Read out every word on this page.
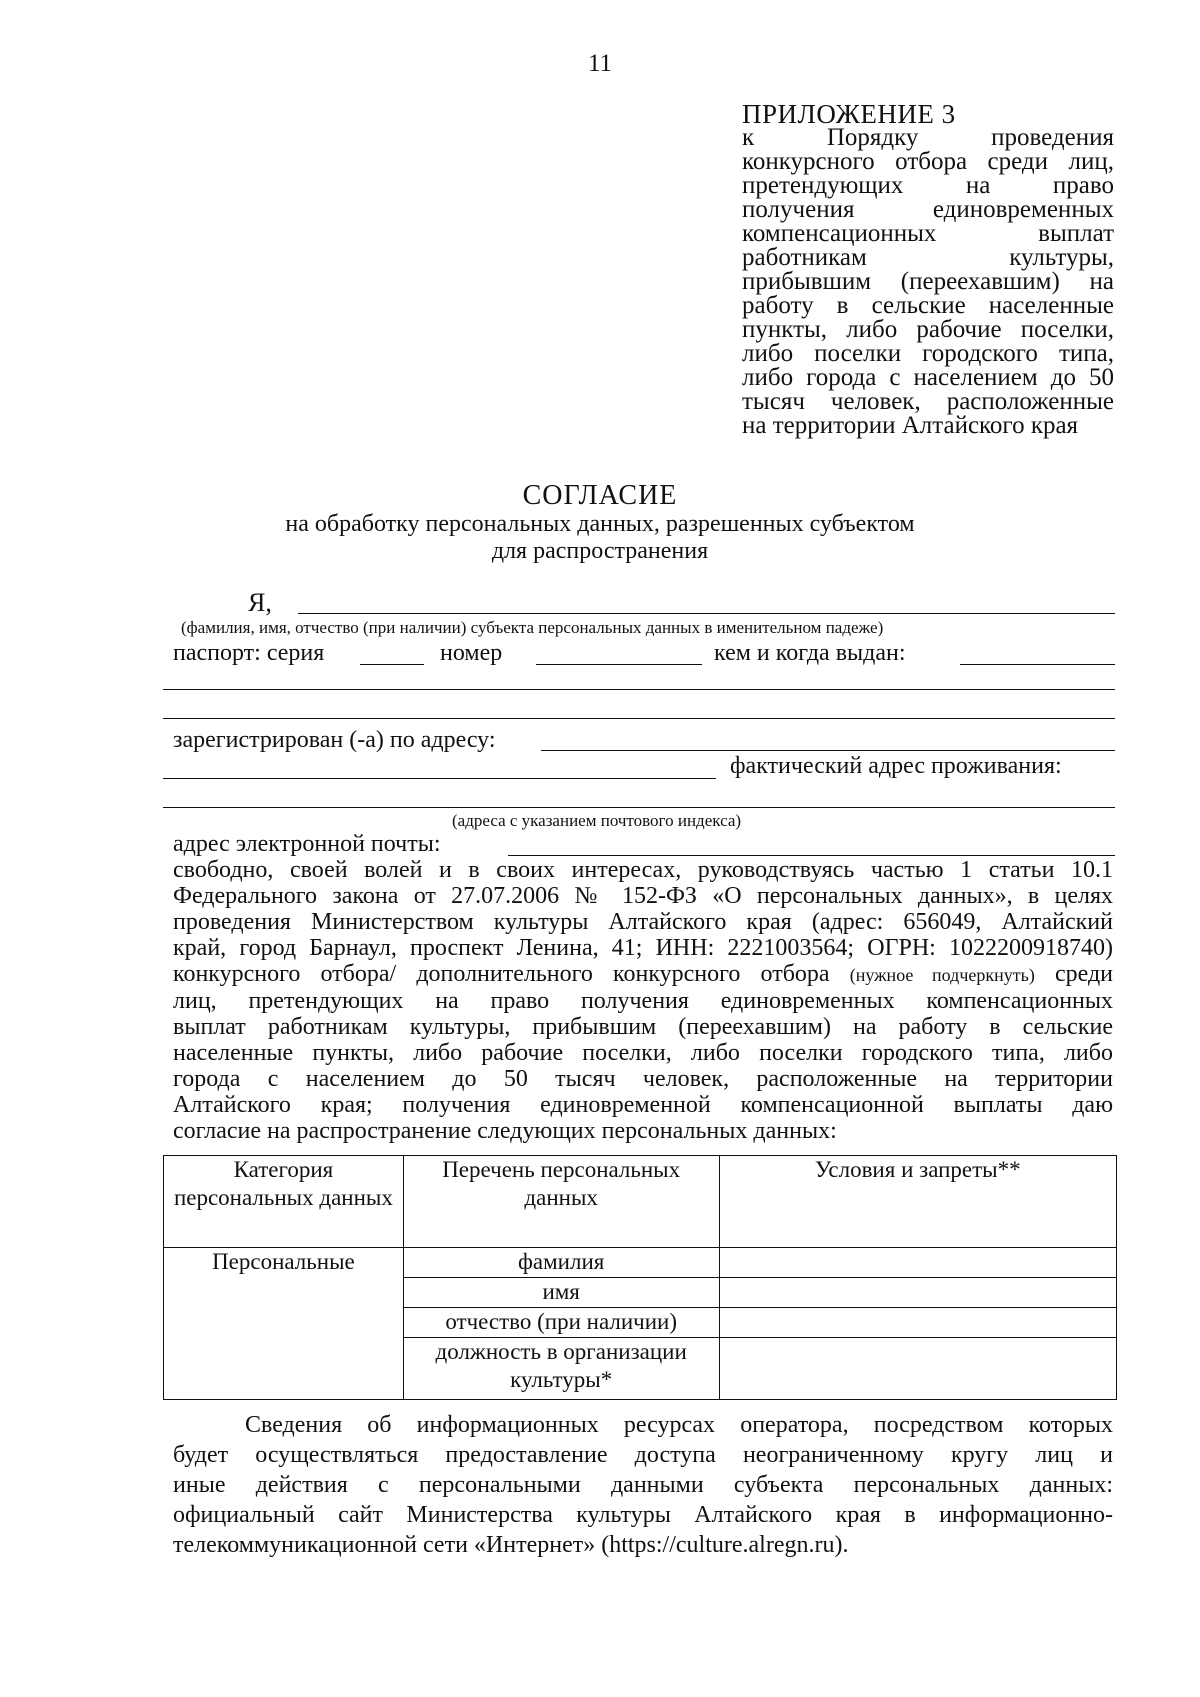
11
ПРИЛОЖЕНИЕ 3
к Порядку проведения
конкурсного отбора среди лиц,
претендующих на право
получения единовременных
компенсационных выплат
работникам культуры,
прибывшим (переехавшим) на
работу в сельские населенные
пункты, либо рабочие поселки,
либо поселки городского типа,
либо города с населением до 50
тысяч человек, расположенные
на территории Алтайского края
СОГЛАСИЕ
на обработку персональных данных, разрешенных субъектом
для распространения
Я,
(фамилия, имя, отчество (при наличии) субъекта персональных данных в именительном падеже)
паспорт: серия	номер	кем и когда выдан:
зарегистрирован (-а) по адресу:
фактический адрес проживания:
(адреса с указанием почтового индекса)
адрес электронной почты:
свободно, своей волей и в своих интересах, руководствуясь частью 1 статьи 10.1
Федерального закона от 27.07.2006 № 152-ФЗ «О персональных данных», в целях
проведения Министерством культуры Алтайского края (адрес: 656049, Алтайский
край, город Барнаул, проспект Ленина, 41; ИНН: 2221003564; ОГРН: 1022200918740)
конкурсного отбора/ дополнительного конкурсного отбора (нужное подчеркнуть) среди
лиц, претендующих на право получения единовременных компенсационных
выплат работникам культуры, прибывшим (переехавшим) на работу в сельские
населенные пункты, либо рабочие поселки, либо поселки городского типа, либо
города с населением до 50 тысяч человек, расположенные на территории
Алтайского края; получения единовременной компенсационной выплаты даю
согласие на распространение следующих персональных данных:
Категория персональных данных	Перечень персональных данных	Условия и запреты**
Персональные	фамилия	
	имя	
	отчество (при наличии)	
	должность в организации культуры*	
Сведения об информационных ресурсах оператора, посредством которых
будет осуществляться предоставление доступа неограниченному кругу лиц и
иные действия с персональными данными субъекта персональных данных:
официальный сайт Министерства культуры Алтайского края в информационно-
телекоммуникационной сети «Интернет» (https://culture.alregn.ru).
